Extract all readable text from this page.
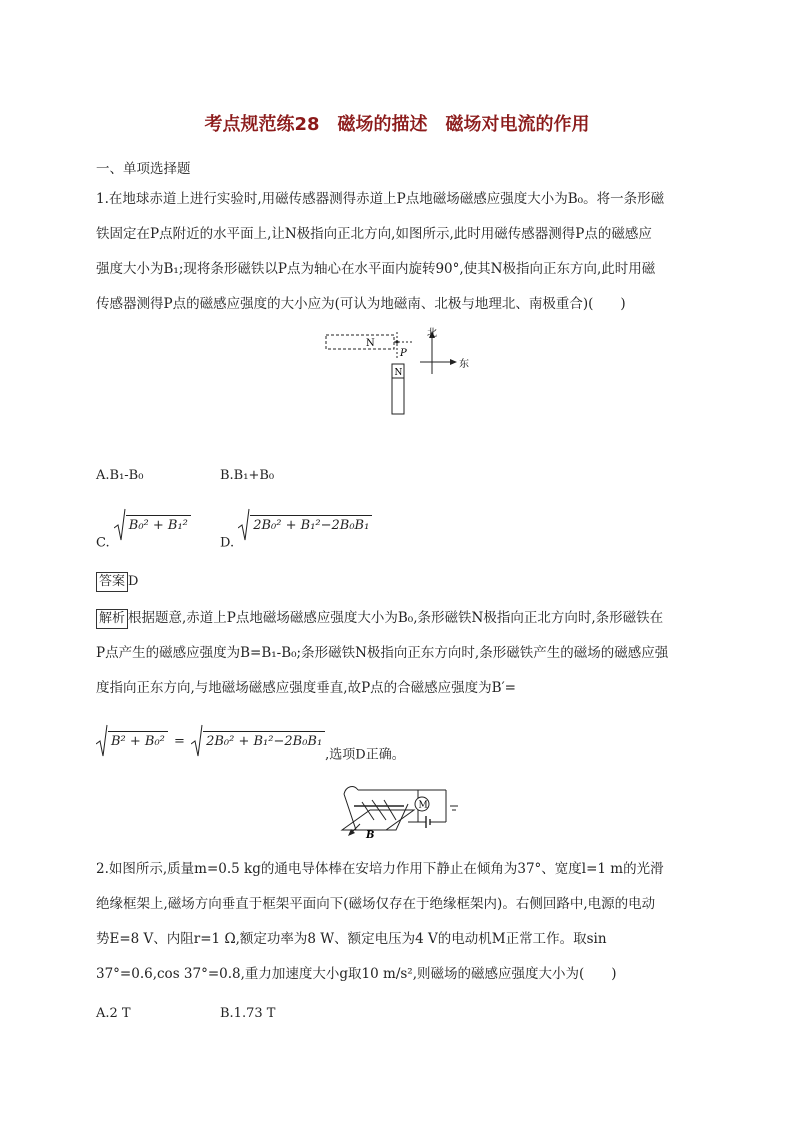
考点规范练28　磁场的描述　磁场对电流的作用
一、单项选择题
1.在地球赤道上进行实验时,用磁传感器测得赤道上P点地磁场磁感应强度大小为B₀。将一条形磁
铁固定在P点附近的水平面上,让N极指向正北方向,如图所示,此时用磁传感器测得P点的磁感应
强度大小为B₁;现将条形磁铁以P点为轴心在水平面内旋转90°,使其N极指向正东方向,此时用磁
传感器测得P点的磁感应强度的大小应为(可认为地磁南、北极与地理北、南极重合)(　　)
N
P
N
北
东
A.B₁-B₀	B.B₁+B₀
C. B₀² + B₁²
D. 2B₀² + B₁²−2B₀B₁
答案 D
解析 根据题意,赤道上P点地磁场磁感应强度大小为B₀,条形磁铁N极指向正北方向时,条形磁铁在
P点产生的磁感应强度为B=B₁-B₀;条形磁铁N极指向正东方向时,条形磁铁产生的磁场的磁感应强
度指向正东方向,与地磁场磁感应强度垂直,故P点的合磁感应强度为B′=
B² + B₀² = 2B₀² + B₁²−2B₀B₁,选项D正确。
B
M
2.如图所示,质量m=0.5 kg的通电导体棒在安培力作用下静止在倾角为37°、宽度l=1 m的光滑
绝缘框架上,磁场方向垂直于框架平面向下(磁场仅存在于绝缘框架内)。右侧回路中,电源的电动
势E=8 V、内阻r=1 Ω,额定功率为8 W、额定电压为4 V的电动机M正常工作。取sin
37°=0.6,cos 37°=0.8,重力加速度大小g取10 m/s²,则磁场的磁感应强度大小为(　　)
A.2 T	B.1.73 T
